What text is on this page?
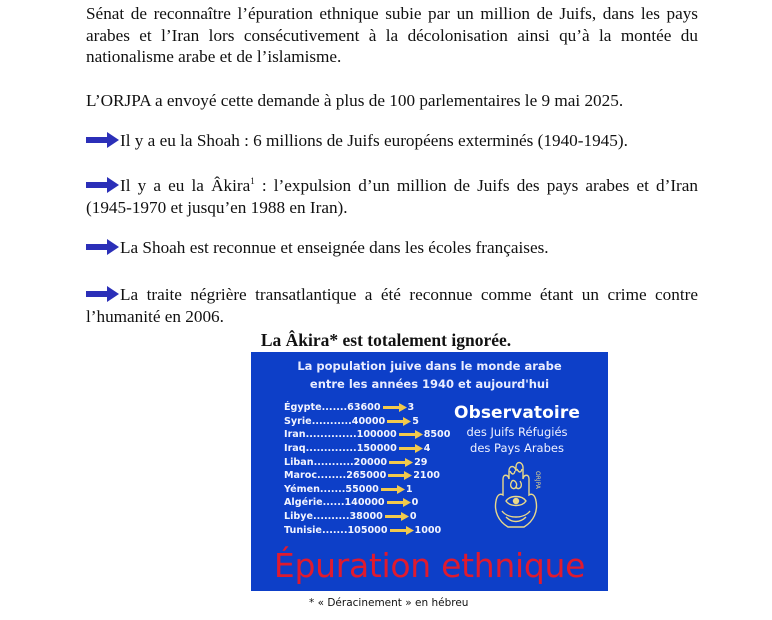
Sénat de reconnaître l’épuration ethnique subie par un million de Juifs, dans les pays arabes et l’Iran lors consécutivement à la décolonisation ainsi qu’à la montée du nationalisme arabe et de l’islamisme.

L’ORJPA a envoyé cette demande à plus de 100 parlementaires le 9 mai 2025.

Il y a eu la Shoah : 6 millions de Juifs européens exterminés (1940-1945).

Il y a eu la Âkira$^1$ : l’expulsion d’un million de Juifs des pays arabes et d’Iran (1945-1970 et jusqu’en 1988 en Iran).

La Shoah est reconnue et enseignée dans les écoles françaises.

La traite négrière transatlantique a été reconnue comme étant un crime contre l’humanité en 2006.

La Âkira* est totalement ignorée.
La population juive dans le monde arabe
entre les années 1940 et aujourd'hui
Égypte ....... 63600	3
Syrie ........... 40000	5
Iran .............. 100000	8500
Iraq .............. 150000	4
Liban ........... 20000	29
Maroc ........ 265000	2100
Yémen ....... 55000	1
Algérie ...... 140000	0
Libye .......... 38000	0
Tunisie ....... 105000	1000
Observatoire
des Juifs Réfugiés
des Pays Arabes
ORJPA
Épuration ethnique
* « Déracinement » en hébreu
